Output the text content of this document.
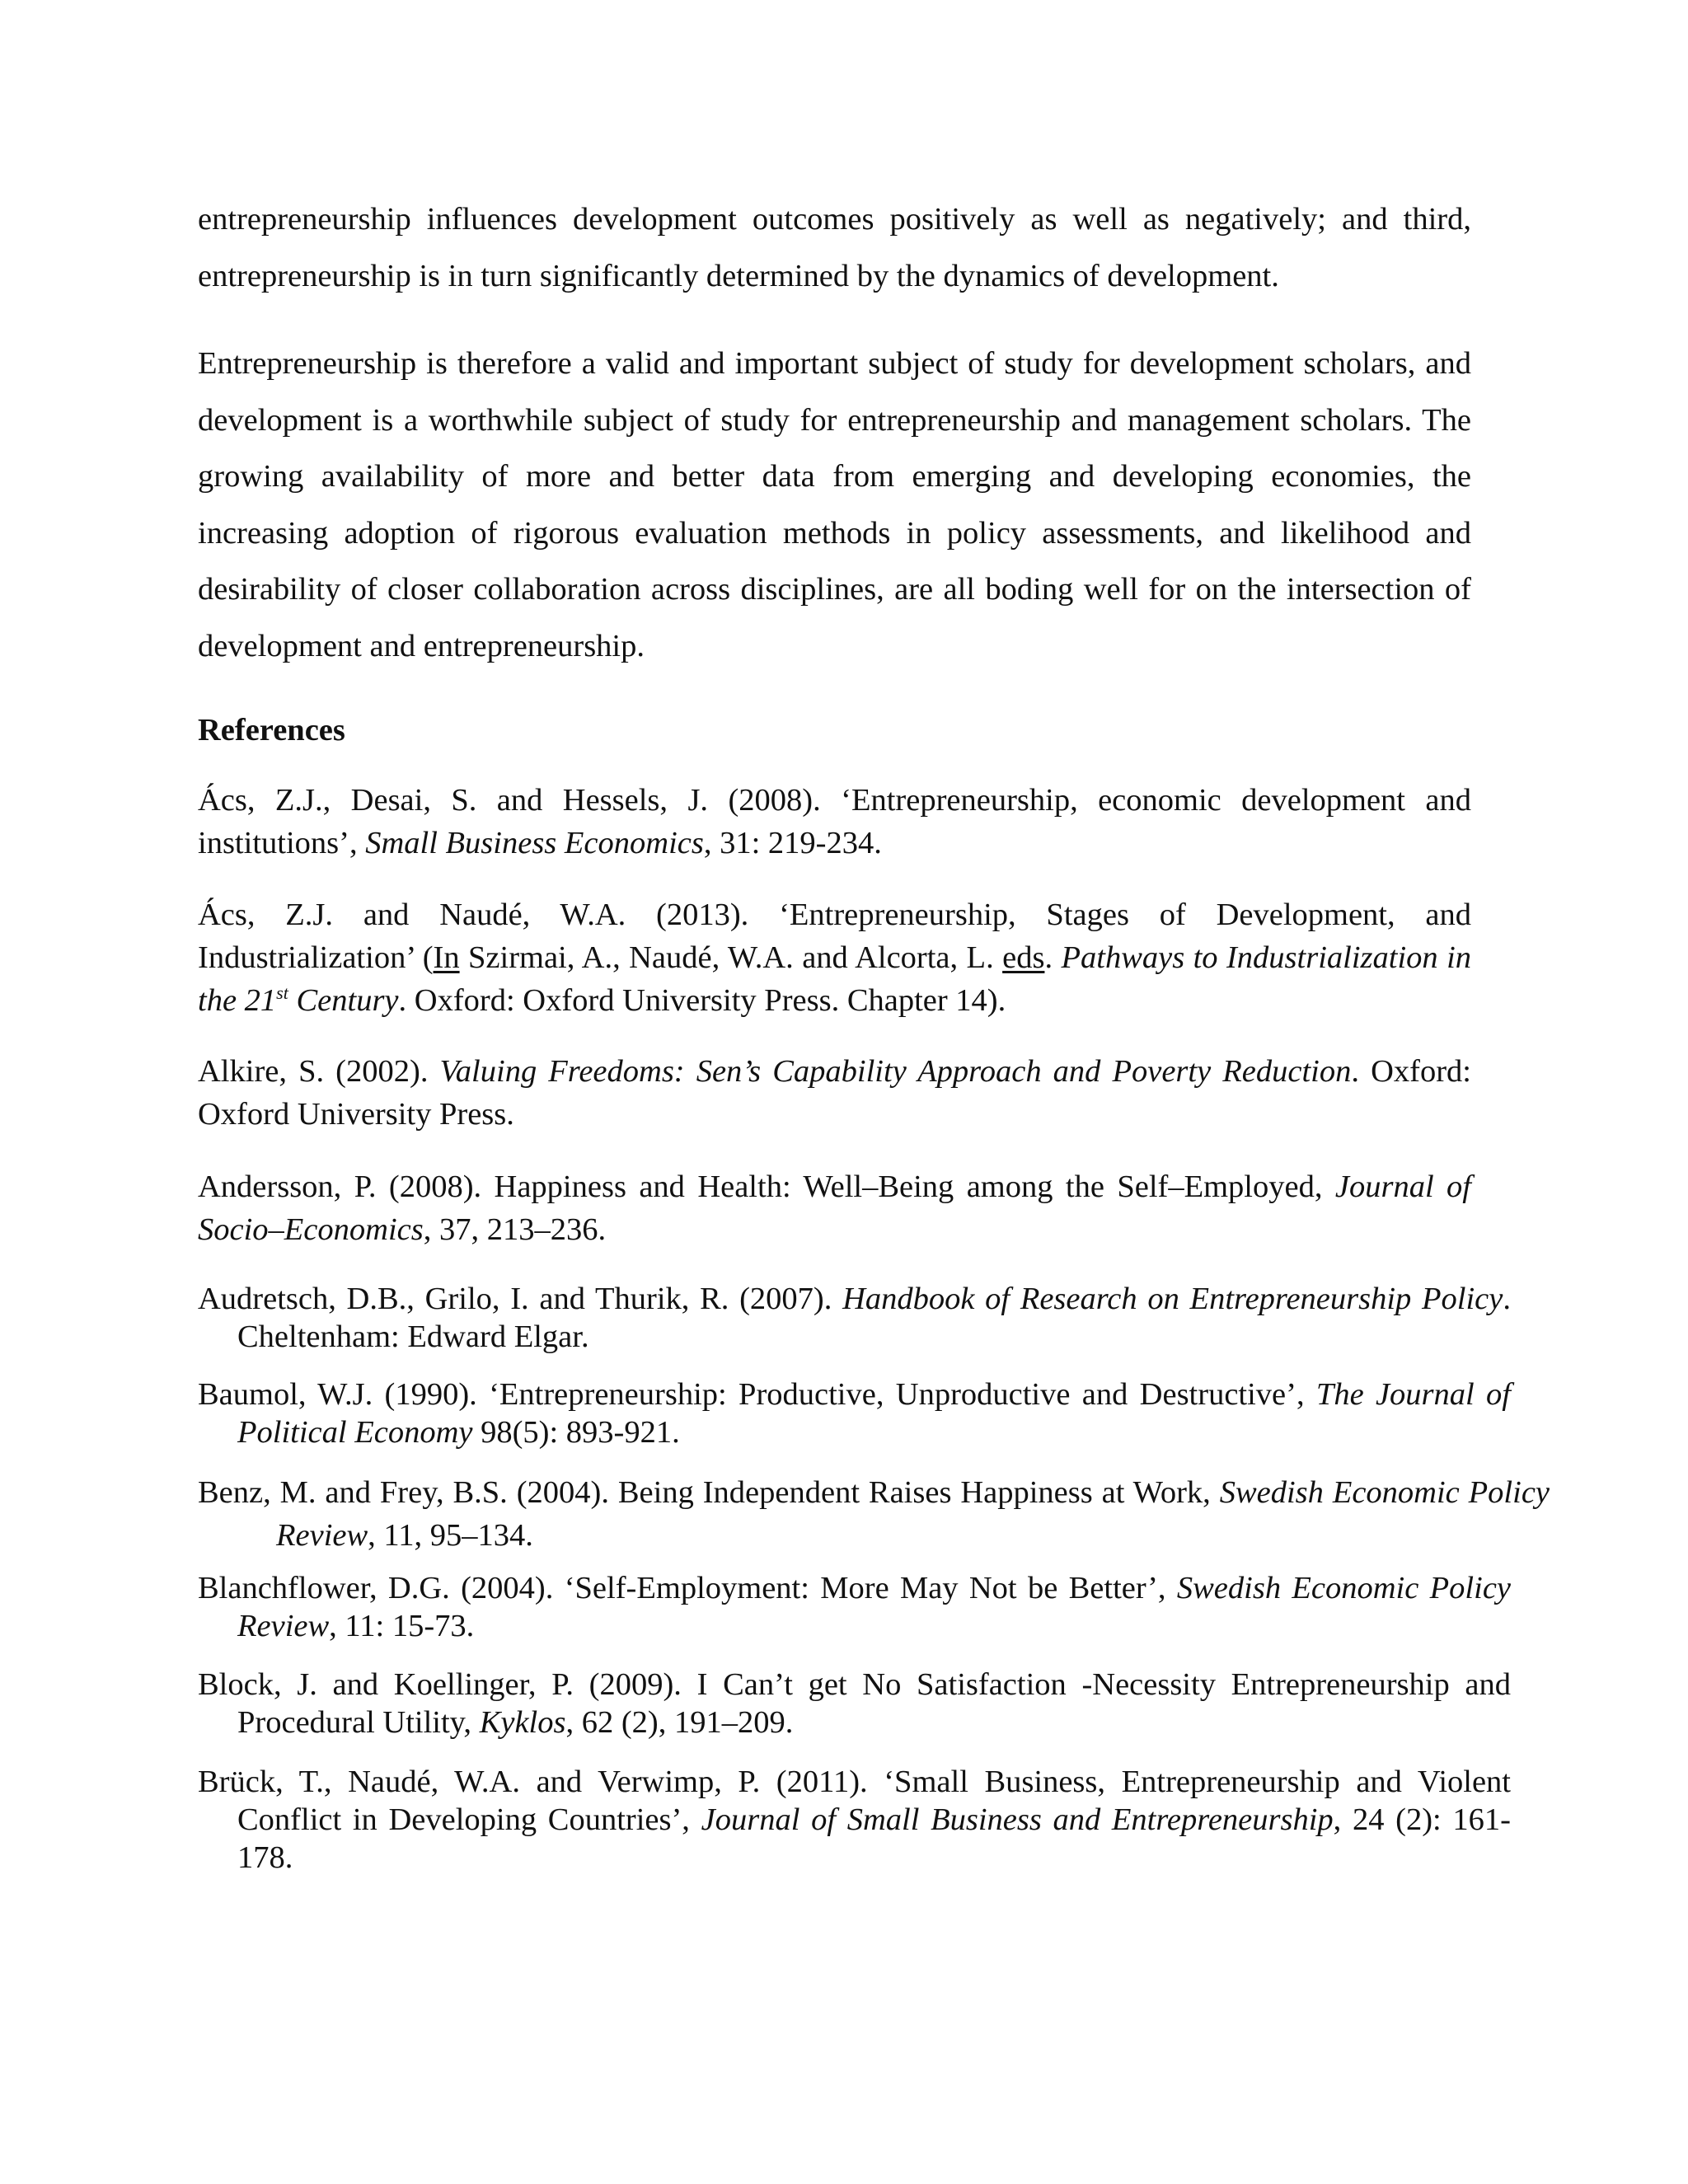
entrepreneurship influences development outcomes positively as well as negatively; and third, entrepreneurship is in turn significantly determined by the dynamics of development.

Entrepreneurship is therefore a valid and important subject of study for development scholars, and development is a worthwhile subject of study for entrepreneurship and management scholars. The growing availability of more and better data from emerging and developing economies, the increasing adoption of rigorous evaluation methods in policy assessments, and likelihood and desirability of closer collaboration across disciplines, are all boding well for on the intersection of development and entrepreneurship.

References

Ács, Z.J., Desai, S. and Hessels, J. (2008). ‘Entrepreneurship, economic development and institutions’, Small Business Economics, 31: 219-234.

Ács, Z.J. and Naudé, W.A. (2013). ‘Entrepreneurship, Stages of Development, and Industrialization’ (In Szirmai, A., Naudé, W.A. and Alcorta, L. eds. Pathways to Industrialization in the 21st Century. Oxford: Oxford University Press. Chapter 14).

Alkire, S. (2002). Valuing Freedoms: Sen’s Capability Approach and Poverty Reduction. Oxford: Oxford University Press.

Andersson, P. (2008). Happiness and Health: Well–Being among the Self–Employed, Journal of Socio–Economics, 37, 213–236.

Audretsch, D.B., Grilo, I. and Thurik, R. (2007). Handbook of Research on Entrepreneurship Policy. Cheltenham: Edward Elgar.

Baumol, W.J. (1990). ‘Entrepreneurship: Productive, Unproductive and Destructive’, The Journal of Political Economy 98(5): 893-921.

Benz, M. and Frey, B.S. (2004). Being Independent Raises Happiness at Work, Swedish Economic Policy Review, 11, 95–134.

Blanchflower, D.G. (2004). ‘Self-Employment: More May Not be Better’, Swedish Economic Policy Review, 11: 15-73.

Block, J. and Koellinger, P. (2009). I Can’t get No Satisfaction -Necessity Entrepreneurship and Procedural Utility, Kyklos, 62 (2), 191–209.

Brück, T., Naudé, W.A. and Verwimp, P. (2011). ‘Small Business, Entrepreneurship and Violent Conflict in Developing Countries’, Journal of Small Business and Entrepreneurship, 24 (2): 161-178.
